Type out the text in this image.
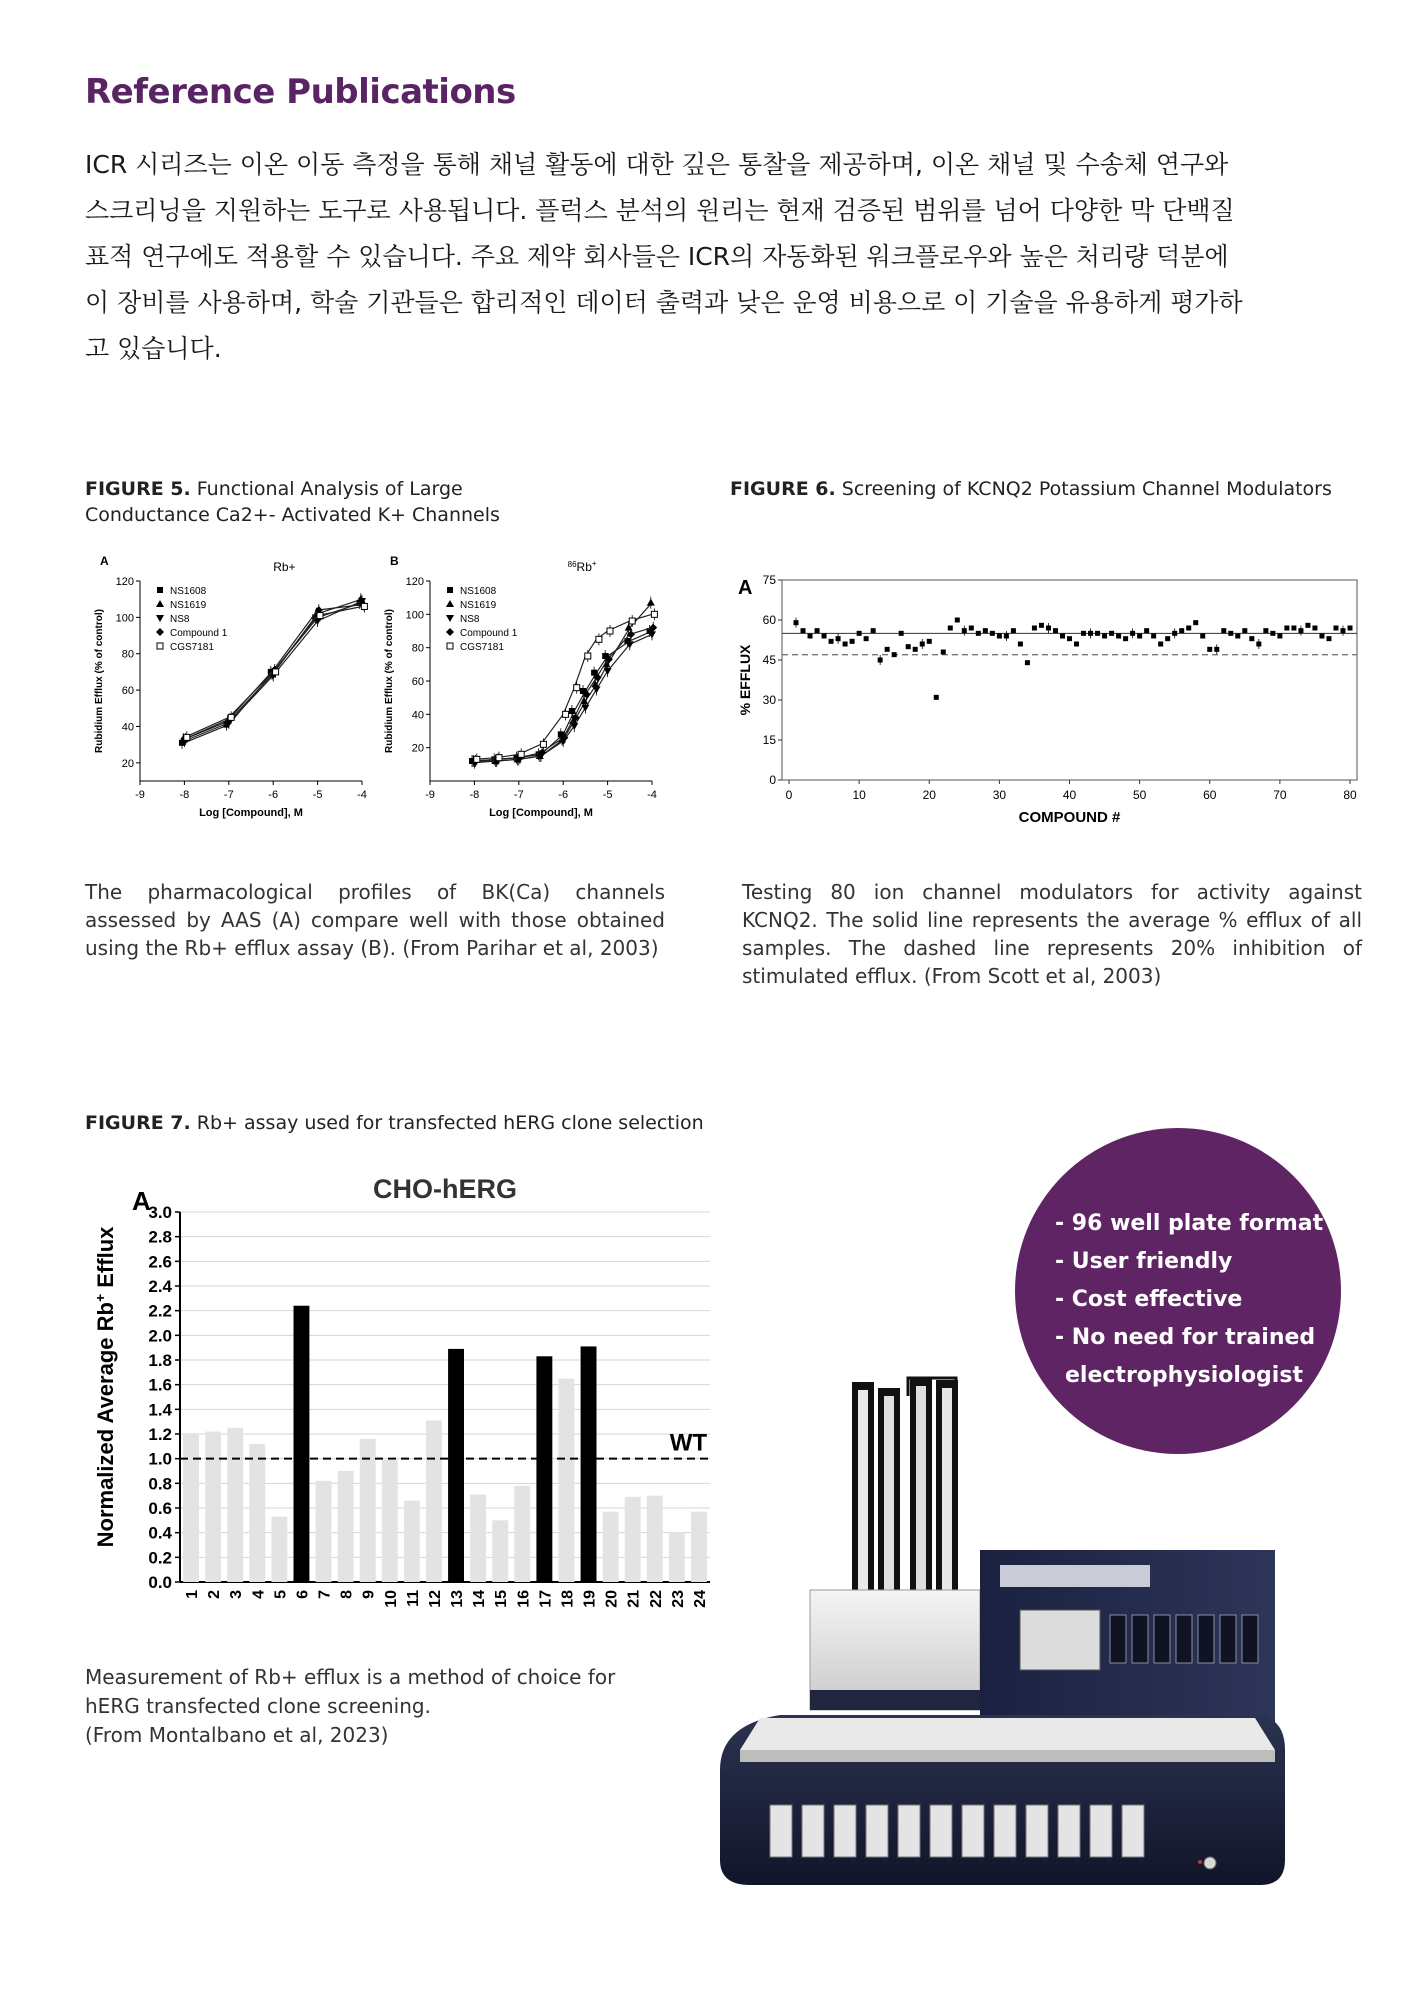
Reference Publications

ICR 시리즈는 이온 이동 측정을 통해 채널 활동에 대한 깊은 통찰을 제공하며, 이온 채널 및 수송체 연구와

스크리닝을 지원하는 도구로 사용됩니다. 플럭스 분석의 원리는 현재 검증된 범위를 넘어 다양한 막 단백질

표적 연구에도 적용할 수 있습니다. 주요 제약 회사들은 ICR의 자동화된 워크플로우와 높은 처리량 덕분에

이 장비를 사용하며, 학술 기관들은 합리적인 데이터 출력과 낮은 운영 비용으로 이 기술을 유용하게 평가하

고 있습니다.

FIGURE 5. Functional Analysis of Large
Conductance Ca2+- Activated K+ Channels
20
40
60
80
100
120
-9	-8	-7	-6	-5	-4
Log [Compound], M
Rubidium Efflux (% of control)
A	Rb+
NS1608
NS1619
NS8
Compound 1
CGS7181
20
40
60
80
100
120
-9	-8	-7	-6	-5	-4
Log [Compound], M
Rubidium Efflux (% of control)
B	$^{86}$Rb+
NS1608
NS1619
NS8
Compound 1
CGS7181
The pharmacological profiles of BK(Ca) channels assessed by AAS (A) compare well with those obtained using the Rb+ efflux assay (B). (From Parihar et al, 2003)
FIGURE 6. Screening of KCNQ2 Potassium Channel Modulators
0
15
30
45
60
75
0	10	20	30	40	50	60	70	80
COMPOUND #
% EFFLUX
A
Testing 80 ion channel modulators for activity against KCNQ2. The solid line represents the average % efflux of all samples. The dashed line represents 20% inhibition of stimulated efflux. (From Scott et al, 2003)
FIGURE 7. Rb+ assay used for transfected hERG clone selection
0.0
0.2
0.4
0.6
0.8
1.0
1.2
1.4
1.6
1.8
2.0
2.2
2.4
2.6
2.8
3.0
1 2 3 4 5 6 7 8 9 10 11 12 13 14 15 16 17 18 19 20 21 22 23 24
WT
CHO-hERG
A
Normalized Average Rb+ Efflux
Measurement of Rb+ efflux is a method of choice for
hERG transfected clone screening.
(From Montalbano et al, 2023)
- 96 well plate format
- User friendly
- Cost effective
- No need for trained
electrophysiologist
